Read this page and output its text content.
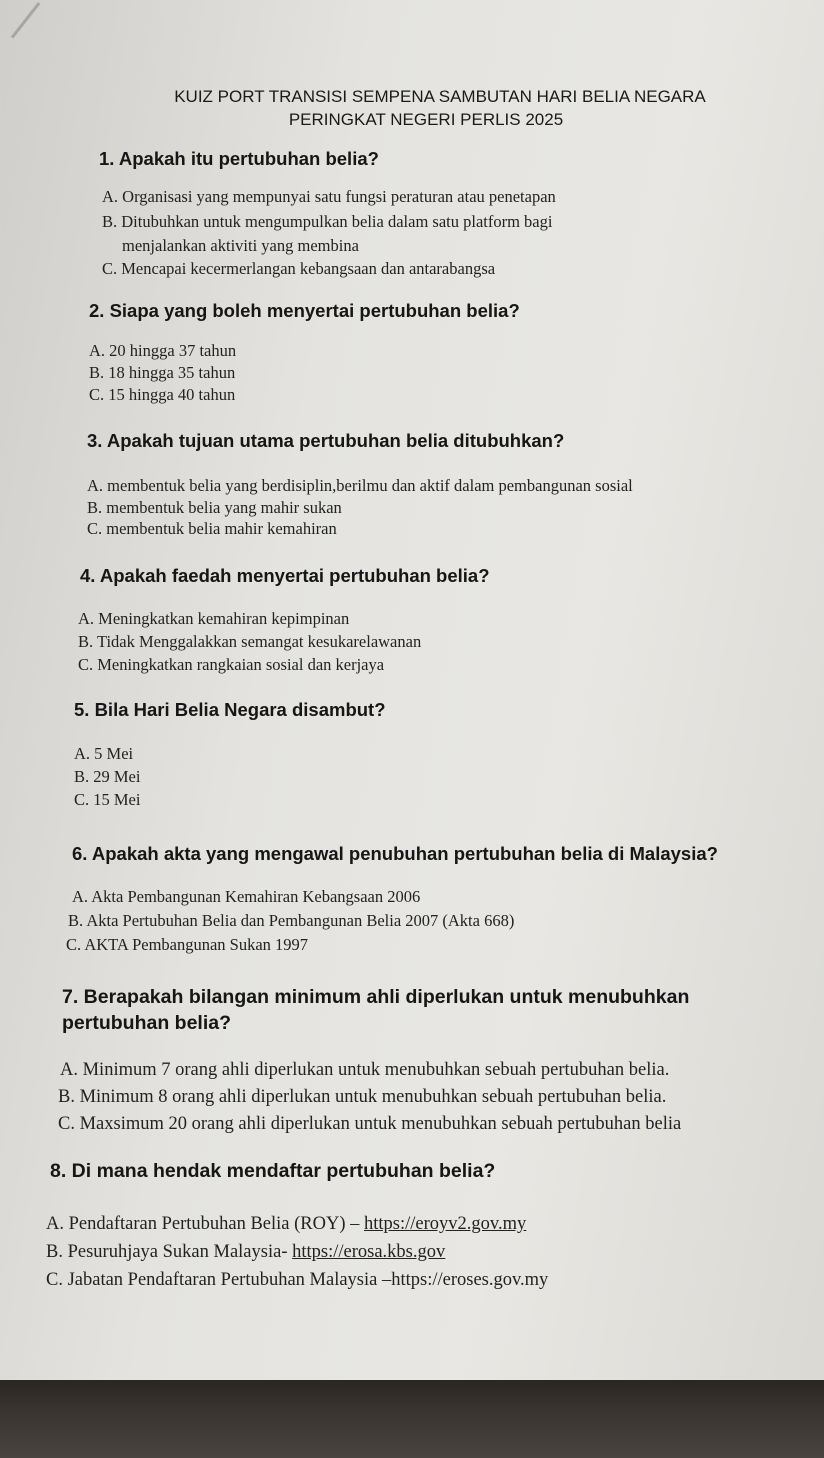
KUIZ PORT TRANSISI SEMPENA SAMBUTAN HARI BELIA NEGARA
PERINGKAT NEGERI PERLIS 2025
1. Apakah itu pertubuhan belia?
A. Organisasi yang mempunyai satu fungsi peraturan atau penetapan
B. Ditubuhkan untuk mengumpulkan belia dalam satu platform bagi
menjalankan aktiviti yang membina
C. Mencapai kecermerlangan kebangsaan dan antarabangsa
2. Siapa yang boleh menyertai pertubuhan belia?
A. 20 hingga 37 tahun
B. 18 hingga 35 tahun
C. 15 hingga 40 tahun
3. Apakah tujuan utama pertubuhan belia ditubuhkan?
A. membentuk belia yang berdisiplin,berilmu dan aktif dalam pembangunan sosial
B. membentuk belia yang mahir sukan
C. membentuk belia mahir kemahiran
4. Apakah faedah menyertai pertubuhan belia?
A. Meningkatkan kemahiran kepimpinan
B. Tidak Menggalakkan semangat kesukarelawanan
C. Meningkatkan rangkaian sosial dan kerjaya
5. Bila Hari Belia Negara disambut?
A. 5 Mei
B. 29 Mei
C. 15 Mei
6. Apakah akta yang mengawal penubuhan pertubuhan belia di Malaysia?
A. Akta Pembangunan Kemahiran Kebangsaan 2006
B. Akta Pertubuhan Belia dan Pembangunan Belia 2007 (Akta 668)
C. AKTA Pembangunan Sukan 1997
7. Berapakah bilangan minimum ahli diperlukan untuk menubuhkan
pertubuhan belia?
A. Minimum 7 orang ahli diperlukan untuk menubuhkan sebuah pertubuhan belia.
B. Minimum 8 orang ahli diperlukan untuk menubuhkan sebuah pertubuhan belia.
C. Maxsimum 20 orang ahli diperlukan untuk menubuhkan sebuah pertubuhan belia
8. Di mana hendak mendaftar pertubuhan belia?
A. Pendaftaran Pertubuhan Belia (ROY) – https://eroyv2.gov.my
B. Pesuruhjaya Sukan Malaysia- https://erosa.kbs.gov
C. Jabatan Pendaftaran Pertubuhan Malaysia –https://eroses.gov.my
